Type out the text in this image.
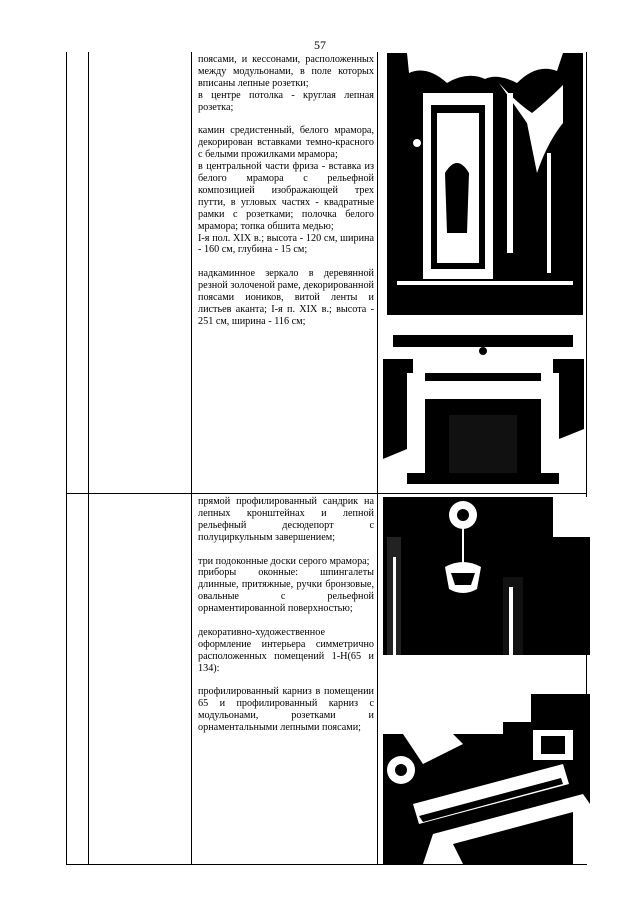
57

поясами, и кессонами, расположенных между модульонами, в поле которых вписаны лепные розетки;

в центре потолка - круглая лепная розетка;

камин средистенный, белого мрамора, декорирован вставками темно-красного с белыми прожилками мрамора;

в центральной части фриза - вставка из белого мрамора с рельефной композицией изображающей трех путти, в угловых частях - квадратные рамки с розетками; полочка белого мрамора; топка обшита медью;

I-я пол. XIX в.; высота - 120 см, ширина - 160 см, глубина - 15 см;

надкаминное зеркало в деревянной резной золоченой раме, декорированной поясами иоников, витой ленты и листьев аканта; I-я п. XIX в.; высота - 251 см, ширина - 116 см;

прямой профилированный сандрик на лепных кронштейнах и лепной рельефный десюдепорт с полуциркульным завершением;

три подоконные доски серого мрамора;

приборы оконные: шпингалеты длинные, притяжные, ручки бронзовые, овальные с рельефной орнаментированной поверхностью;

декоративно-художественное оформление интерьера симметрично расположенных помещений 1-Н(65 и 134):

профилированный карниз в помещении 65 и профилированный карниз с модульонами, розетками и орнаментальными лепными поясами;
